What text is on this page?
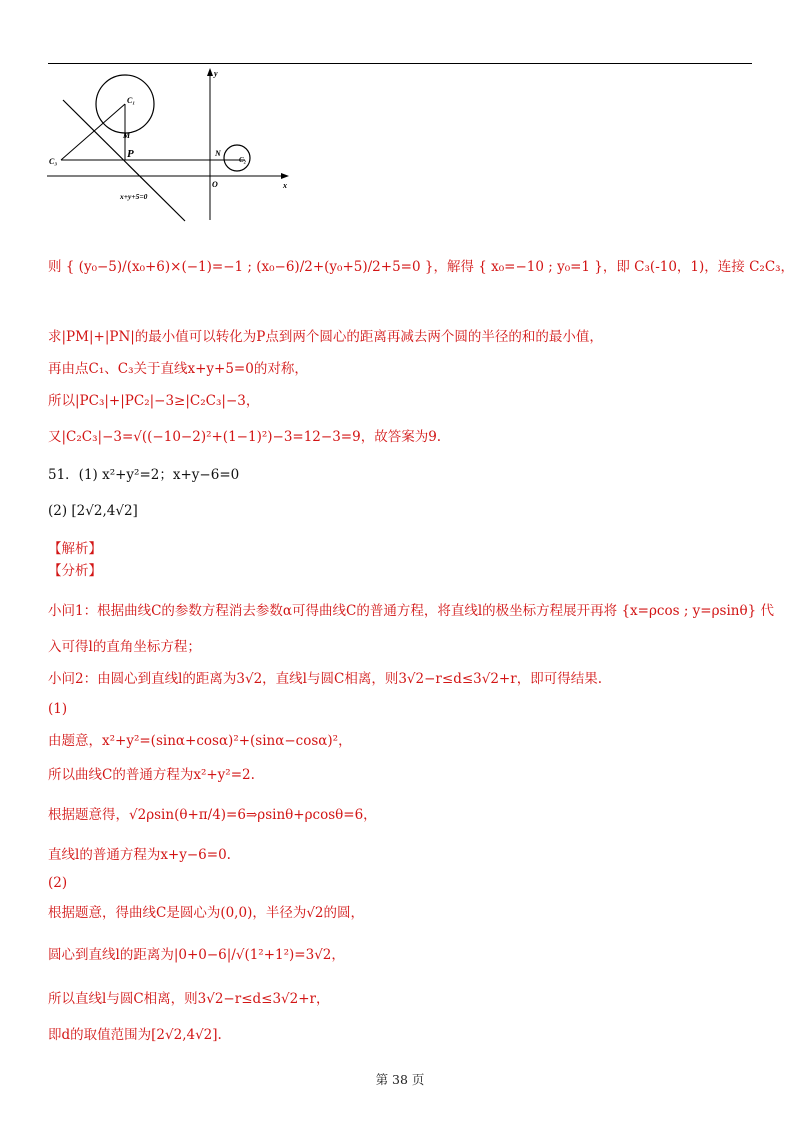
y
x
O
C₁
C₂
C₃
M
P	N
x+y+5=0
则 { (y₀−5)/(x₀+6)×(−1)=−1 ; (x₀−6)/2+(y₀+5)/2+5=0 }，解得 { x₀=−10 ; y₀=1 }，即 C₃(-10，1)，连接 C₂C₃，
求|PM|+|PN|的最小值可以转化为P点到两个圆心的距离再减去两个圆的半径的和的最小值，
再由点C₁、C₃关于直线x+y+5=0的对称，
所以|PC₃|+|PC₂|−3≥|C₂C₃|−3，
又|C₂C₃|−3=√((−10−2)²+(1−1)²)−3=12−3=9，故答案为9.
51．(1) x²+y²=2；x+y−6=0
(2) [2√2,4√2]
【解析】
【分析】
小问1：根据曲线C的参数方程消去参数α可得曲线C的普通方程，将直线l的极坐标方程展开再将 {x=ρcos ; y=ρsinθ} 代
入可得l的直角坐标方程；
小问2：由圆心到直线l的距离为3√2，直线l与圆C相离，则3√2−r≤d≤3√2+r，即可得结果.
(1)
由题意，x²+y²=(sinα+cosα)²+(sinα−cosα)²，
所以曲线C的普通方程为x²+y²=2.
根据题意得，√2ρsin(θ+π/4)=6⇒ρsinθ+ρcosθ=6，
直线l的普通方程为x+y−6=0.
(2)
根据题意，得曲线C是圆心为(0,0)，半径为√2的圆，
圆心到直线l的距离为|0+0−6|/√(1²+1²)=3√2，
所以直线l与圆C相离，则3√2−r≤d≤3√2+r，
即d的取值范围为[2√2,4√2].
第 38 页
